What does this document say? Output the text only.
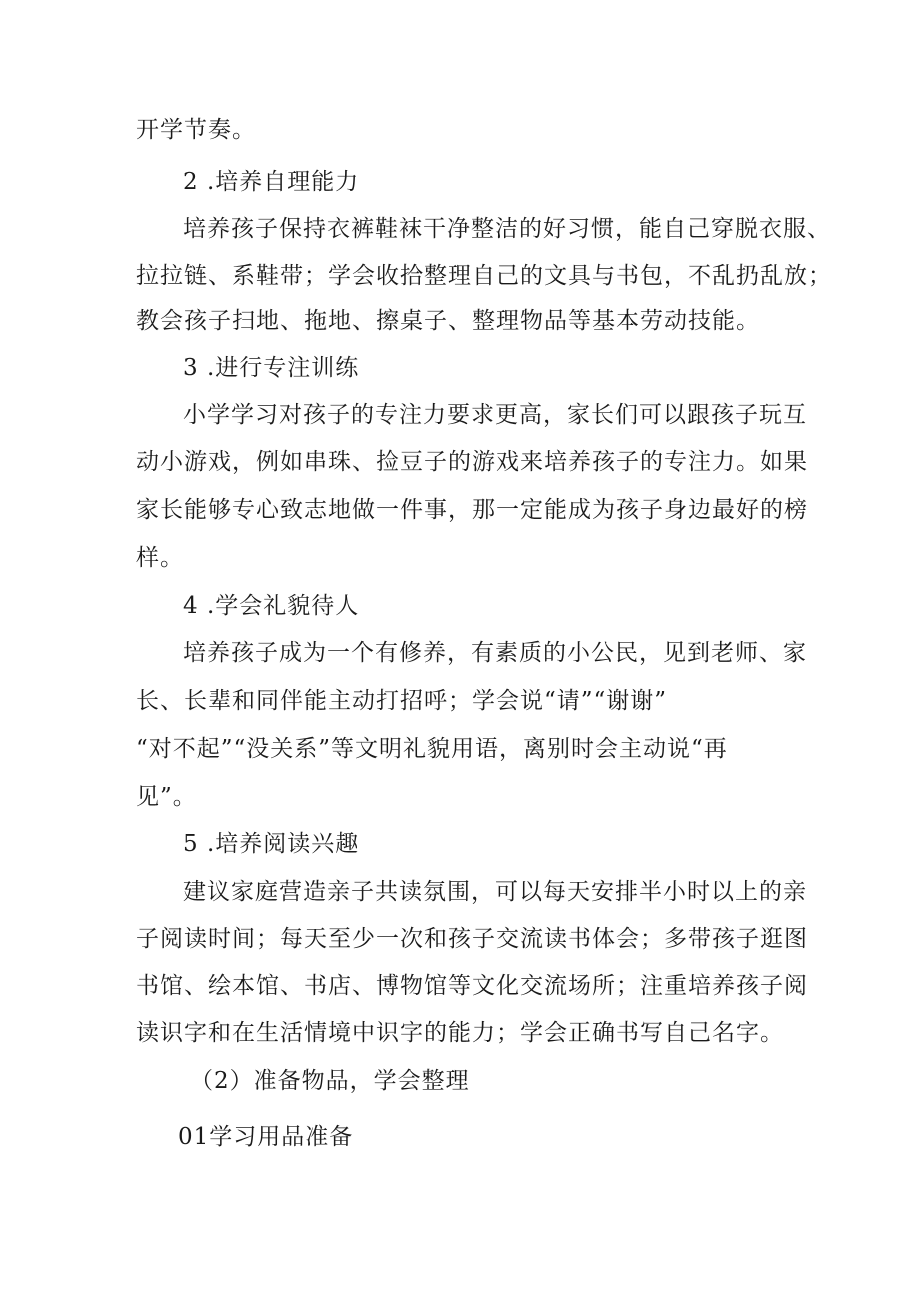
开学节奏。
2 .培养自理能力
培养孩子保持衣裤鞋袜干净整洁的好习惯，能自己穿脱衣服、
拉拉链、系鞋带；学会收拾整理自己的文具与书包，不乱扔乱放；
教会孩子扫地、拖地、擦桌子、整理物品等基本劳动技能。
3 .进行专注训练
小学学习对孩子的专注力要求更高，家长们可以跟孩子玩互
动小游戏，例如串珠、捡豆子的游戏来培养孩子的专注力。如果
家长能够专心致志地做一件事，那一定能成为孩子身边最好的榜
样。
4 .学会礼貌待人
培养孩子成为一个有修养，有素质的小公民，见到老师、家
长、长辈和同伴能主动打招呼；学会说“请”“谢谢”
“对不起”“没关系”等文明礼貌用语，离别时会主动说“再
见”。
5 .培养阅读兴趣
建议家庭营造亲子共读氛围，可以每天安排半小时以上的亲
子阅读时间；每天至少一次和孩子交流读书体会；多带孩子逛图
书馆、绘本馆、书店、博物馆等文化交流场所；注重培养孩子阅
读识字和在生活情境中识字的能力；学会正确书写自己名字。
（2）准备物品，学会整理
01学习用品准备
